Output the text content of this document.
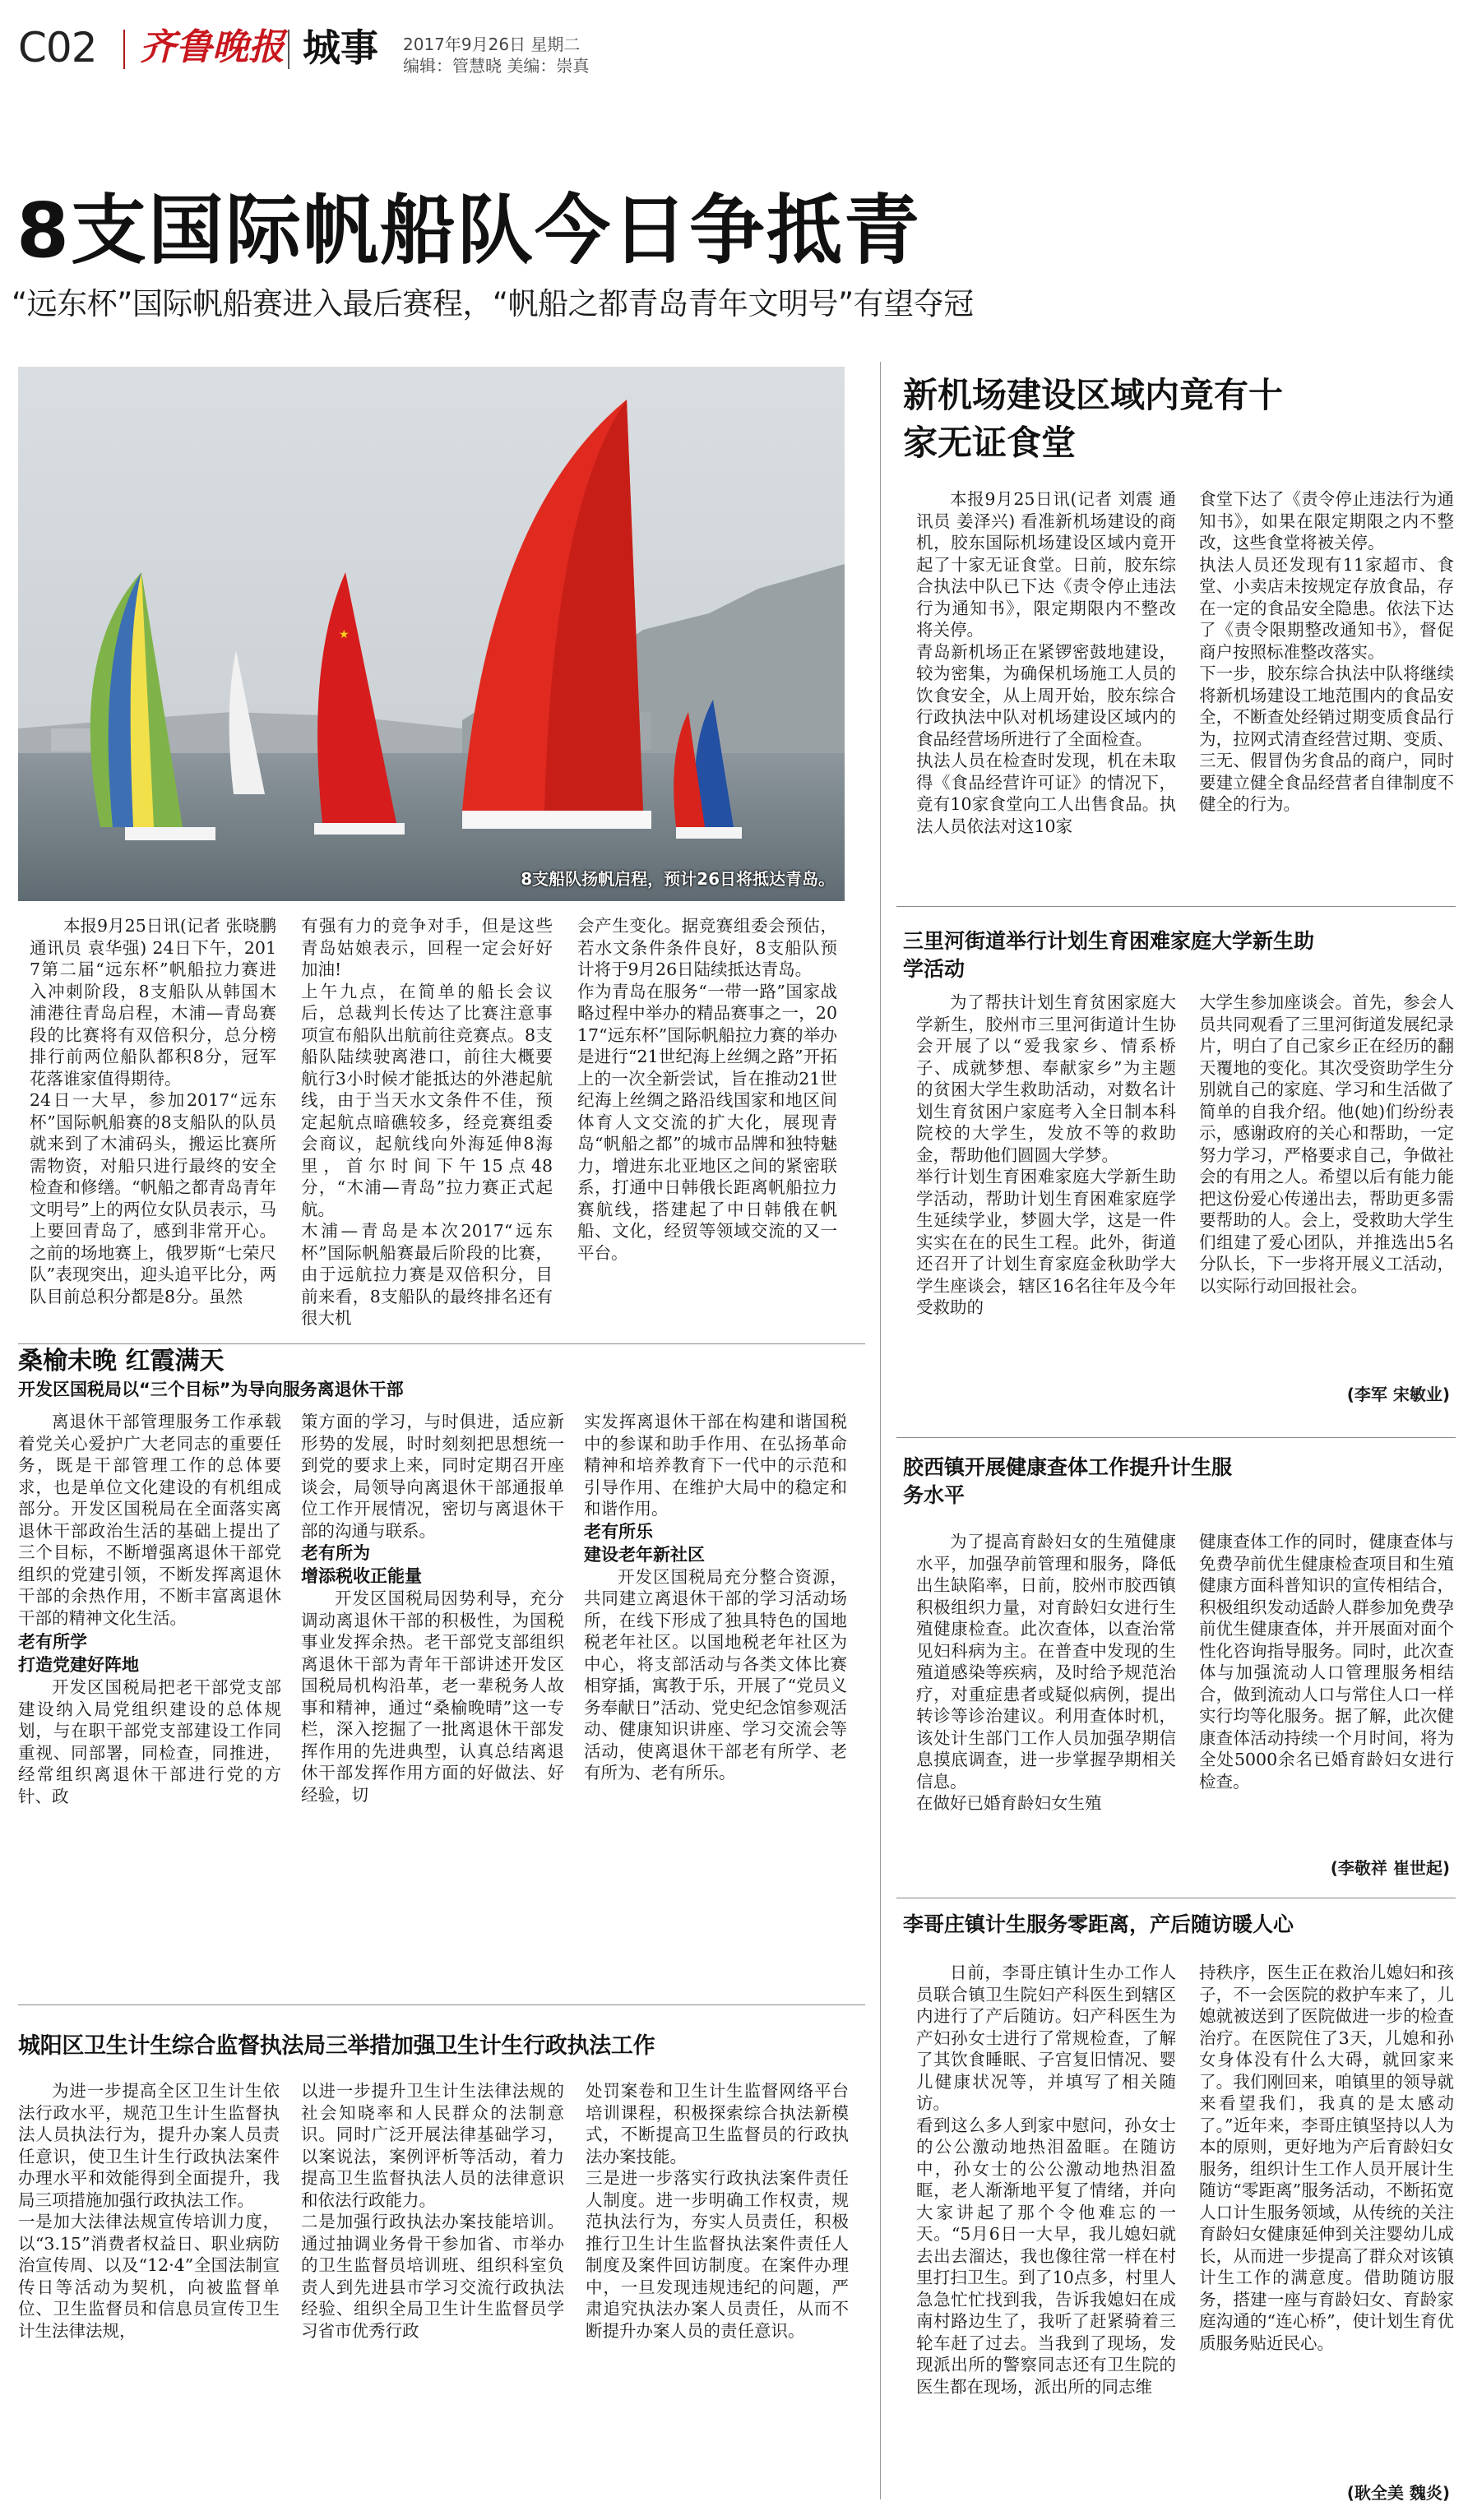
C02 齐鲁晚报 城事 2017年9月26日 星期二
编辑：管慧晓 美编：崇真
8支国际帆船队今日争抵青
“远东杯”国际帆船赛进入最后赛程，“帆船之都青岛青年文明号”有望夺冠
★
8支船队扬帆启程，预计26日将抵达青岛。

本报9月25日讯(记者 张晓鹏 通讯员 袁华强) 24日下午，2017第二届“远东杯”帆船拉力赛进入冲刺阶段，8支船队从韩国木浦港往青岛启程，木浦—青岛赛段的比赛将有双倍积分，总分榜排行前两位船队都积8分，冠军花落谁家值得期待。
24日一大早，参加2017“远东杯”国际帆船赛的8支船队的队员就来到了木浦码头，搬运比赛所需物资，对船只进行最终的安全检查和修缮。“帆船之都青岛青年文明号”上的两位女队员表示，马上要回青岛了，感到非常开心。之前的场地赛上，俄罗斯“七荣尺队”表现突出，迎头追平比分，两队目前总积分都是8分。虽然

有强有力的竞争对手，但是这些青岛姑娘表示，回程一定会好好加油!
上午九点，在简单的船长会议后，总裁判长传达了比赛注意事项宣布船队出航前往竞赛点。8支船队陆续驶离港口，前往大概要航行3小时候才能抵达的外港起航线，由于当天水文条件不佳，预定起航点暗礁较多，经竞赛组委会商议，起航线向外海延伸8海里，首尔时间下午15点48分，“木浦—青岛”拉力赛正式起航。
木浦—青岛是本次2017“远东杯”国际帆船赛最后阶段的比赛，由于远航拉力赛是双倍积分，目前来看，8支船队的最终排名还有很大机

会产生变化。据竞赛组委会预估，若水文条件条件良好，8支船队预计将于9月26日陆续抵达青岛。
作为青岛在服务“一带一路”国家战略过程中举办的精品赛事之一，2017“远东杯”国际帆船拉力赛的举办是进行“21世纪海上丝绸之路”开拓上的一次全新尝试，旨在推动21世纪海上丝绸之路沿线国家和地区间体育人文交流的扩大化，展现青岛“帆船之都”的城市品牌和独特魅力，增进东北亚地区之间的紧密联系，打通中日韩俄长距离帆船拉力赛航线，搭建起了中日韩俄在帆船、文化，经贸等领域交流的又一平台。

新机场建设区域内竟有十家无证食堂

本报9月25日讯(记者 刘震 通讯员 姜泽兴) 看准新机场建设的商机，胶东国际机场建设区域内竟开起了十家无证食堂。日前，胶东综合执法中队已下达《责令停止违法行为通知书》，限定期限内不整改将关停。
青岛新机场正在紧锣密鼓地建设，较为密集，为确保机场施工人员的饮食安全，从上周开始，胶东综合行政执法中队对机场建设区域内的食品经营场所进行了全面检查。
执法人员在检查时发现，机在未取得《食品经营许可证》的情况下，竟有10家食堂向工人出售食品。执法人员依法对这10家

食堂下达了《责令停止违法行为通知书》，如果在限定期限之内不整改，这些食堂将被关停。
执法人员还发现有11家超市、食堂、小卖店未按规定存放食品，存在一定的食品安全隐患。依法下达了《责令限期整改通知书》，督促商户按照标准整改落实。
下一步，胶东综合执法中队将继续将新机场建设工地范围内的食品安全，不断查处经销过期变质食品行为，拉网式清查经营过期、变质、三无、假冒伪劣食品的商户，同时要建立健全食品经营者自律制度不健全的行为。

三里河街道举行计划生育困难家庭大学新生助学活动

为了帮扶计划生育贫困家庭大学新生，胶州市三里河街道计生协会开展了以“爱我家乡、情系桥子、成就梦想、奉献家乡”为主题的贫困大学生救助活动，对数名计划生育贫困户家庭考入全日制本科院校的大学生，发放不等的救助金，帮助他们圆圆大学梦。
举行计划生育困难家庭大学新生助学活动，帮助计划生育困难家庭学生延续学业，梦圆大学，这是一件实实在在的民生工程。此外，街道还召开了计划生育家庭金秋助学大学生座谈会，辖区16名往年及今年受救助的

大学生参加座谈会。首先，参会人员共同观看了三里河街道发展纪录片，明白了自己家乡正在经历的翻天覆地的变化。其次受资助学生分别就自己的家庭、学习和生活做了简单的自我介绍。他(她)们纷纷表示，感谢政府的关心和帮助，一定努力学习，严格要求自己，争做社会的有用之人。希望以后有能力能把这份爱心传递出去，帮助更多需要帮助的人。会上，受救助大学生们组建了爱心团队，并推选出5名分队长，下一步将开展义工活动，以实际行动回报社会。

(李军 宋敏业)
胶西镇开展健康查体工作提升计生服务水平

为了提高育龄妇女的生殖健康水平，加强孕前管理和服务，降低出生缺陷率，日前，胶州市胶西镇积极组织力量，对育龄妇女进行生殖健康检查。此次查体，以查治常见妇科病为主。在普查中发现的生殖道感染等疾病，及时给予规范治疗，对重症患者或疑似病例，提出转诊等诊治建议。利用查体时机，该处计生部门工作人员加强孕期信息摸底调查，进一步掌握孕期相关信息。
在做好已婚育龄妇女生殖

健康查体工作的同时，健康查体与免费孕前优生健康检查项目和生殖健康方面科普知识的宣传相结合，积极组织发动适龄人群参加免费孕前优生健康查体，并开展面对面个性化咨询指导服务。同时，此次查体与加强流动人口管理服务相结合，做到流动人口与常住人口一样实行均等化服务。据了解，此次健康查体活动持续一个月时间，将为全处5000余名已婚育龄妇女进行检查。

(李敬祥 崔世起)
李哥庄镇计生服务零距离，产后随访暖人心

日前，李哥庄镇计生办工作人员联合镇卫生院妇产科医生到辖区内进行了产后随访。妇产科医生为产妇孙女士进行了常规检查，了解了其饮食睡眠、子宫复旧情况、婴儿健康状况等，并填写了相关随访。
看到这么多人到家中慰问，孙女士的公公激动地热泪盈眶。在随访中，孙女士的公公激动地热泪盈眶，老人渐渐地平复了情绪，并向大家讲起了那个令他难忘的一天。“5月6日一大早，我儿媳妇就去出去溜达，我也像往常一样在村里打扫卫生。到了10点多，村里人急急忙忙找到我，告诉我媳妇在成南村路边生了，我听了赶紧骑着三轮车赶了过去。当我到了现场，发现派出所的警察同志还有卫生院的医生都在现场，派出所的同志维

持秩序，医生正在救治儿媳妇和孩子，不一会医院的救护车来了，儿媳就被送到了医院做进一步的检查治疗。在医院住了3天，儿媳和孙女身体没有什么大碍，就回家来了。我们刚回来，咱镇里的领导就来看望我们，我真的是太感动了。”近年来，李哥庄镇坚持以人为本的原则，更好地为产后育龄妇女服务，组织计生工作人员开展计生随访“零距离”服务活动，不断拓宽人口计生服务领域，从传统的关注育龄妇女健康延伸到关注婴幼儿成长，从而进一步提高了群众对该镇计生工作的满意度。借助随访服务，搭建一座与育龄妇女、育龄家庭沟通的“连心桥”，使计划生育优质服务贴近民心。

(耿全美 魏炎)
桑榆未晚 红霞满天
开发区国税局以“三个目标”为导向服务离退休干部

离退休干部管理服务工作承载着党关心爱护广大老同志的重要任务，既是干部管理工作的总体要求，也是单位文化建设的有机组成部分。开发区国税局在全面落实离退休干部政治生活的基础上提出了三个目标，不断增强离退休干部党组织的党建引领，不断发挥离退休干部的余热作用，不断丰富离退休干部的精神文化生活。

老有所学
打造党建好阵地

开发区国税局把老干部党支部建设纳入局党组织建设的总体规划，与在职干部党支部建设工作同重视、同部署，同检查，同推进，经常组织离退休干部进行党的方针、政

策方面的学习，与时俱进，适应新形势的发展，时时刻刻把思想统一到党的要求上来，同时定期召开座谈会，局领导向离退休干部通报单位工作开展情况，密切与离退休干部的沟通与联系。

老有所为
增添税收正能量

开发区国税局因势利导，充分调动离退休干部的积极性，为国税事业发挥余热。老干部党支部组织离退休干部为青年干部讲述开发区国税局机构沿革，老一辈税务人故事和精神，通过“桑榆晚晴”这一专栏，深入挖掘了一批离退休干部发挥作用的先进典型，认真总结离退休干部发挥作用方面的好做法、好经验，切

实发挥离退休干部在构建和谐国税中的参谋和助手作用、在弘扬革命精神和培养教育下一代中的示范和引导作用、在维护大局中的稳定和和谐作用。

老有所乐
建设老年新社区

开发区国税局充分整合资源，共同建立离退休干部的学习活动场所，在线下形成了独具特色的国地税老年社区。以国地税老年社区为中心，将支部活动与各类文体比赛相穿插，寓教于乐，开展了“党员义务奉献日”活动、党史纪念馆参观活动、健康知识讲座、学习交流会等活动，使离退休干部老有所学、老有所为、老有所乐。

城阳区卫生计生综合监督执法局三举措加强卫生计生行政执法工作

为进一步提高全区卫生计生依法行政水平，规范卫生计生监督执法人员执法行为，提升办案人员责任意识，使卫生计生行政执法案件办理水平和效能得到全面提升，我局三项措施加强行政执法工作。
一是加大法律法规宣传培训力度，以“3.15”消费者权益日、职业病防治宣传周、以及“12·4”全国法制宣传日等活动为契机，向被监督单位、卫生监督员和信息员宣传卫生计生法律法规，

以进一步提升卫生计生法律法规的社会知晓率和人民群众的法制意识。同时广泛开展法律基础学习，以案说法，案例评析等活动，着力提高卫生监督执法人员的法律意识和依法行政能力。
二是加强行政执法办案技能培训。通过抽调业务骨干参加省、市举办的卫生监督员培训班、组织科室负责人到先进县市学习交流行政执法经验、组织全局卫生计生监督员学习省市优秀行政

处罚案卷和卫生计生监督网络平台培训课程，积极探索综合执法新模式，不断提高卫生监督员的行政执法办案技能。
三是进一步落实行政执法案件责任人制度。进一步明确工作权责，规范执法行为，夯实人员责任，积极推行卫生计生监督执法案件责任人制度及案件回访制度。在案件办理中，一旦发现违规违纪的问题，严肃追究执法办案人员责任，从而不断提升办案人员的责任意识。
